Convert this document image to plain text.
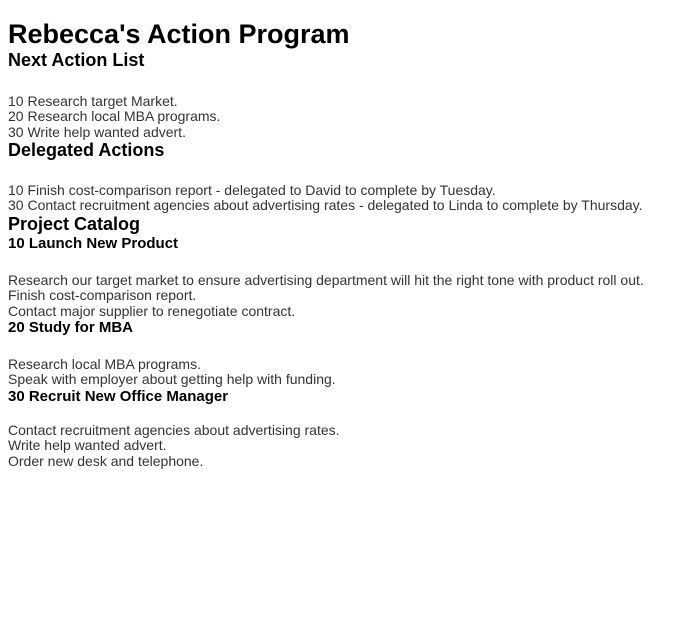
Rebecca's Action Program
Next Action List
10 Research target Market.
20 Research local MBA programs.
30 Write help wanted advert.
Delegated Actions
10 Finish cost-comparison report - delegated to David to complete by Tuesday.
30 Contact recruitment agencies about advertising rates - delegated to Linda to complete by Thursday.
Project Catalog
10 Launch New Product
Research our target market to ensure advertising department will hit the right tone with product roll out.
Finish cost-comparison report.
Contact major supplier to renegotiate contract.
20 Study for MBA
Research local MBA programs.
Speak with employer about getting help with funding.
30 Recruit New Office Manager
Contact recruitment agencies about advertising rates.
Write help wanted advert.
Order new desk and telephone.
